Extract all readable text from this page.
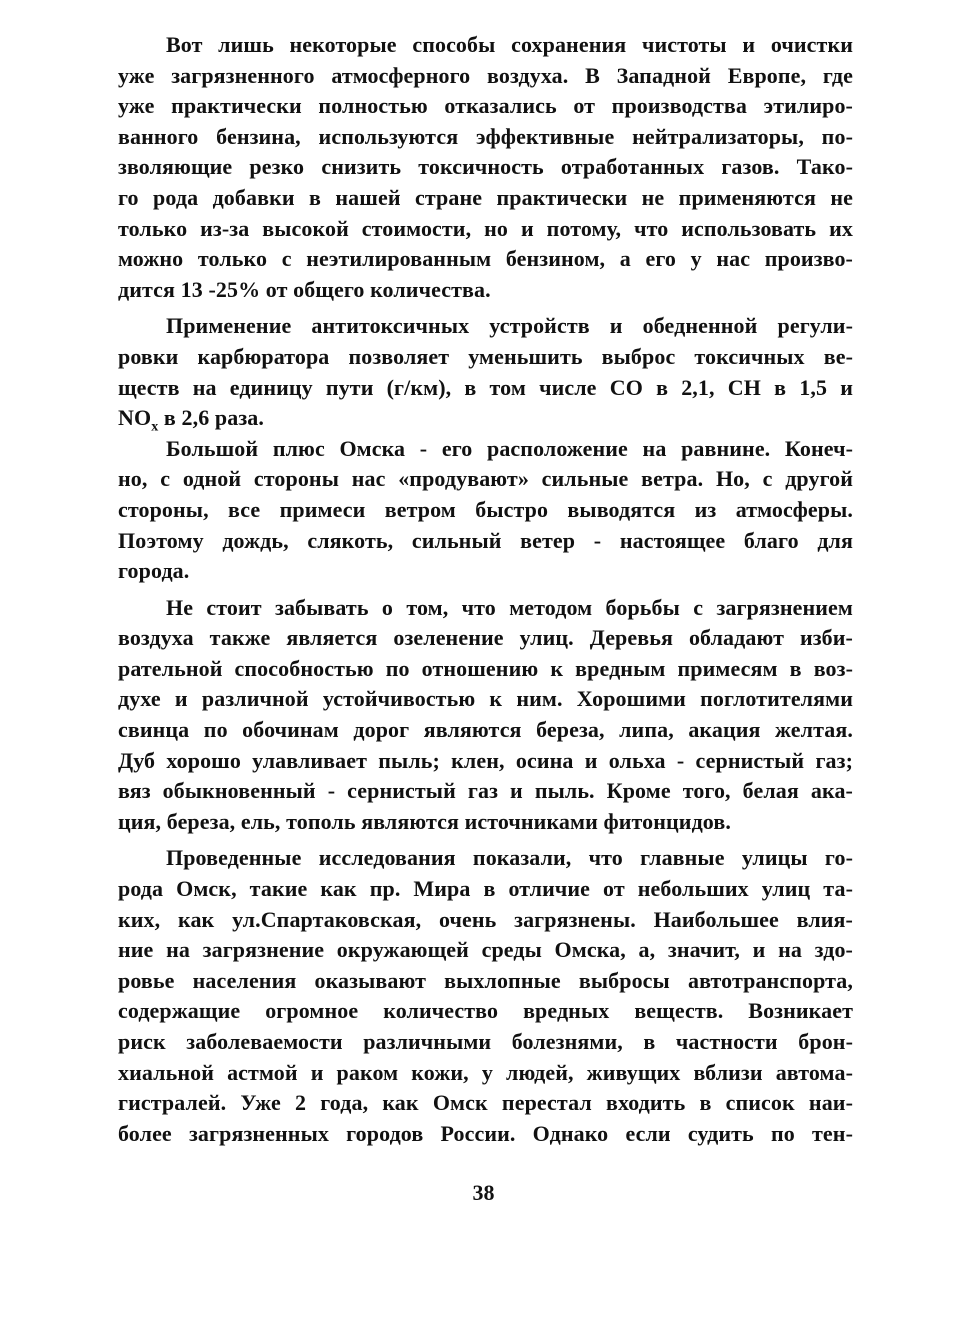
Вот лишь некоторые способы сохранения чистоты и очистки
уже загрязненного атмосферного воздуха. В Западной Европе, где
уже практически полностью отказались от производства этилиро-
ванного бензина, используются эффективные нейтрализаторы, по-
зволяющие резко снизить токсичность отработанных газов. Тако-
го рода добавки в нашей стране практически не применяются не
только из-за высокой стоимости, но и потому, что использовать их
можно только с неэтилированным бензином, а его у нас произво-
дится 13 -25% от общего количества.
Применение антитоксичных устройств и обедненной регули-
ровки карбюратора позволяет уменьшить выброс токсичных ве-
ществ на единицу пути (г/км), в том числе СО в 2,1, СН в 1,5 и
$NO_x$ в 2,6 раза.
Большой плюс Омска - его расположение на равнине. Конеч-
но, с одной стороны нас «продувают» сильные ветра. Но, с другой
стороны, все примеси ветром быстро выводятся из атмосферы.
Поэтому дождь, слякоть, сильный ветер - настоящее благо для
города.
Не стоит забывать о том, что методом борьбы с загрязнением
воздуха также является озеленение улиц. Деревья обладают изби-
рательной способностью по отношению к вредным примесям в воз-
духе и различной устойчивостью к ним. Хорошими поглотителями
свинца по обочинам дорог являются береза, липа, акация желтая.
Дуб хорошо улавливает пыль; клен, осина и ольха - сернистый газ;
вяз обыкновенный - сернистый газ и пыль. Кроме того, белая ака-
ция, береза, ель, тополь являются источниками фитонцидов.
Проведенные исследования показали, что главные улицы го-
рода Омск, такие как пр. Мира в отличие от небольших улиц та-
ких, как ул.Спартаковская, очень загрязнены. Наибольшее влия-
ние на загрязнение окружающей среды Омска, а, значит, и на здо-
ровье населения оказывают выхлопные выбросы автотранспорта,
содержащие огромное количество вредных веществ. Возникает
риск заболеваемости различными болезнями, в частности брон-
хиальной астмой и раком кожи, у людей, живущих вблизи автома-
гистралей. Уже 2 года, как Омск перестал входить в список наи-
более загрязненных городов России. Однако если судить по тен-
38
